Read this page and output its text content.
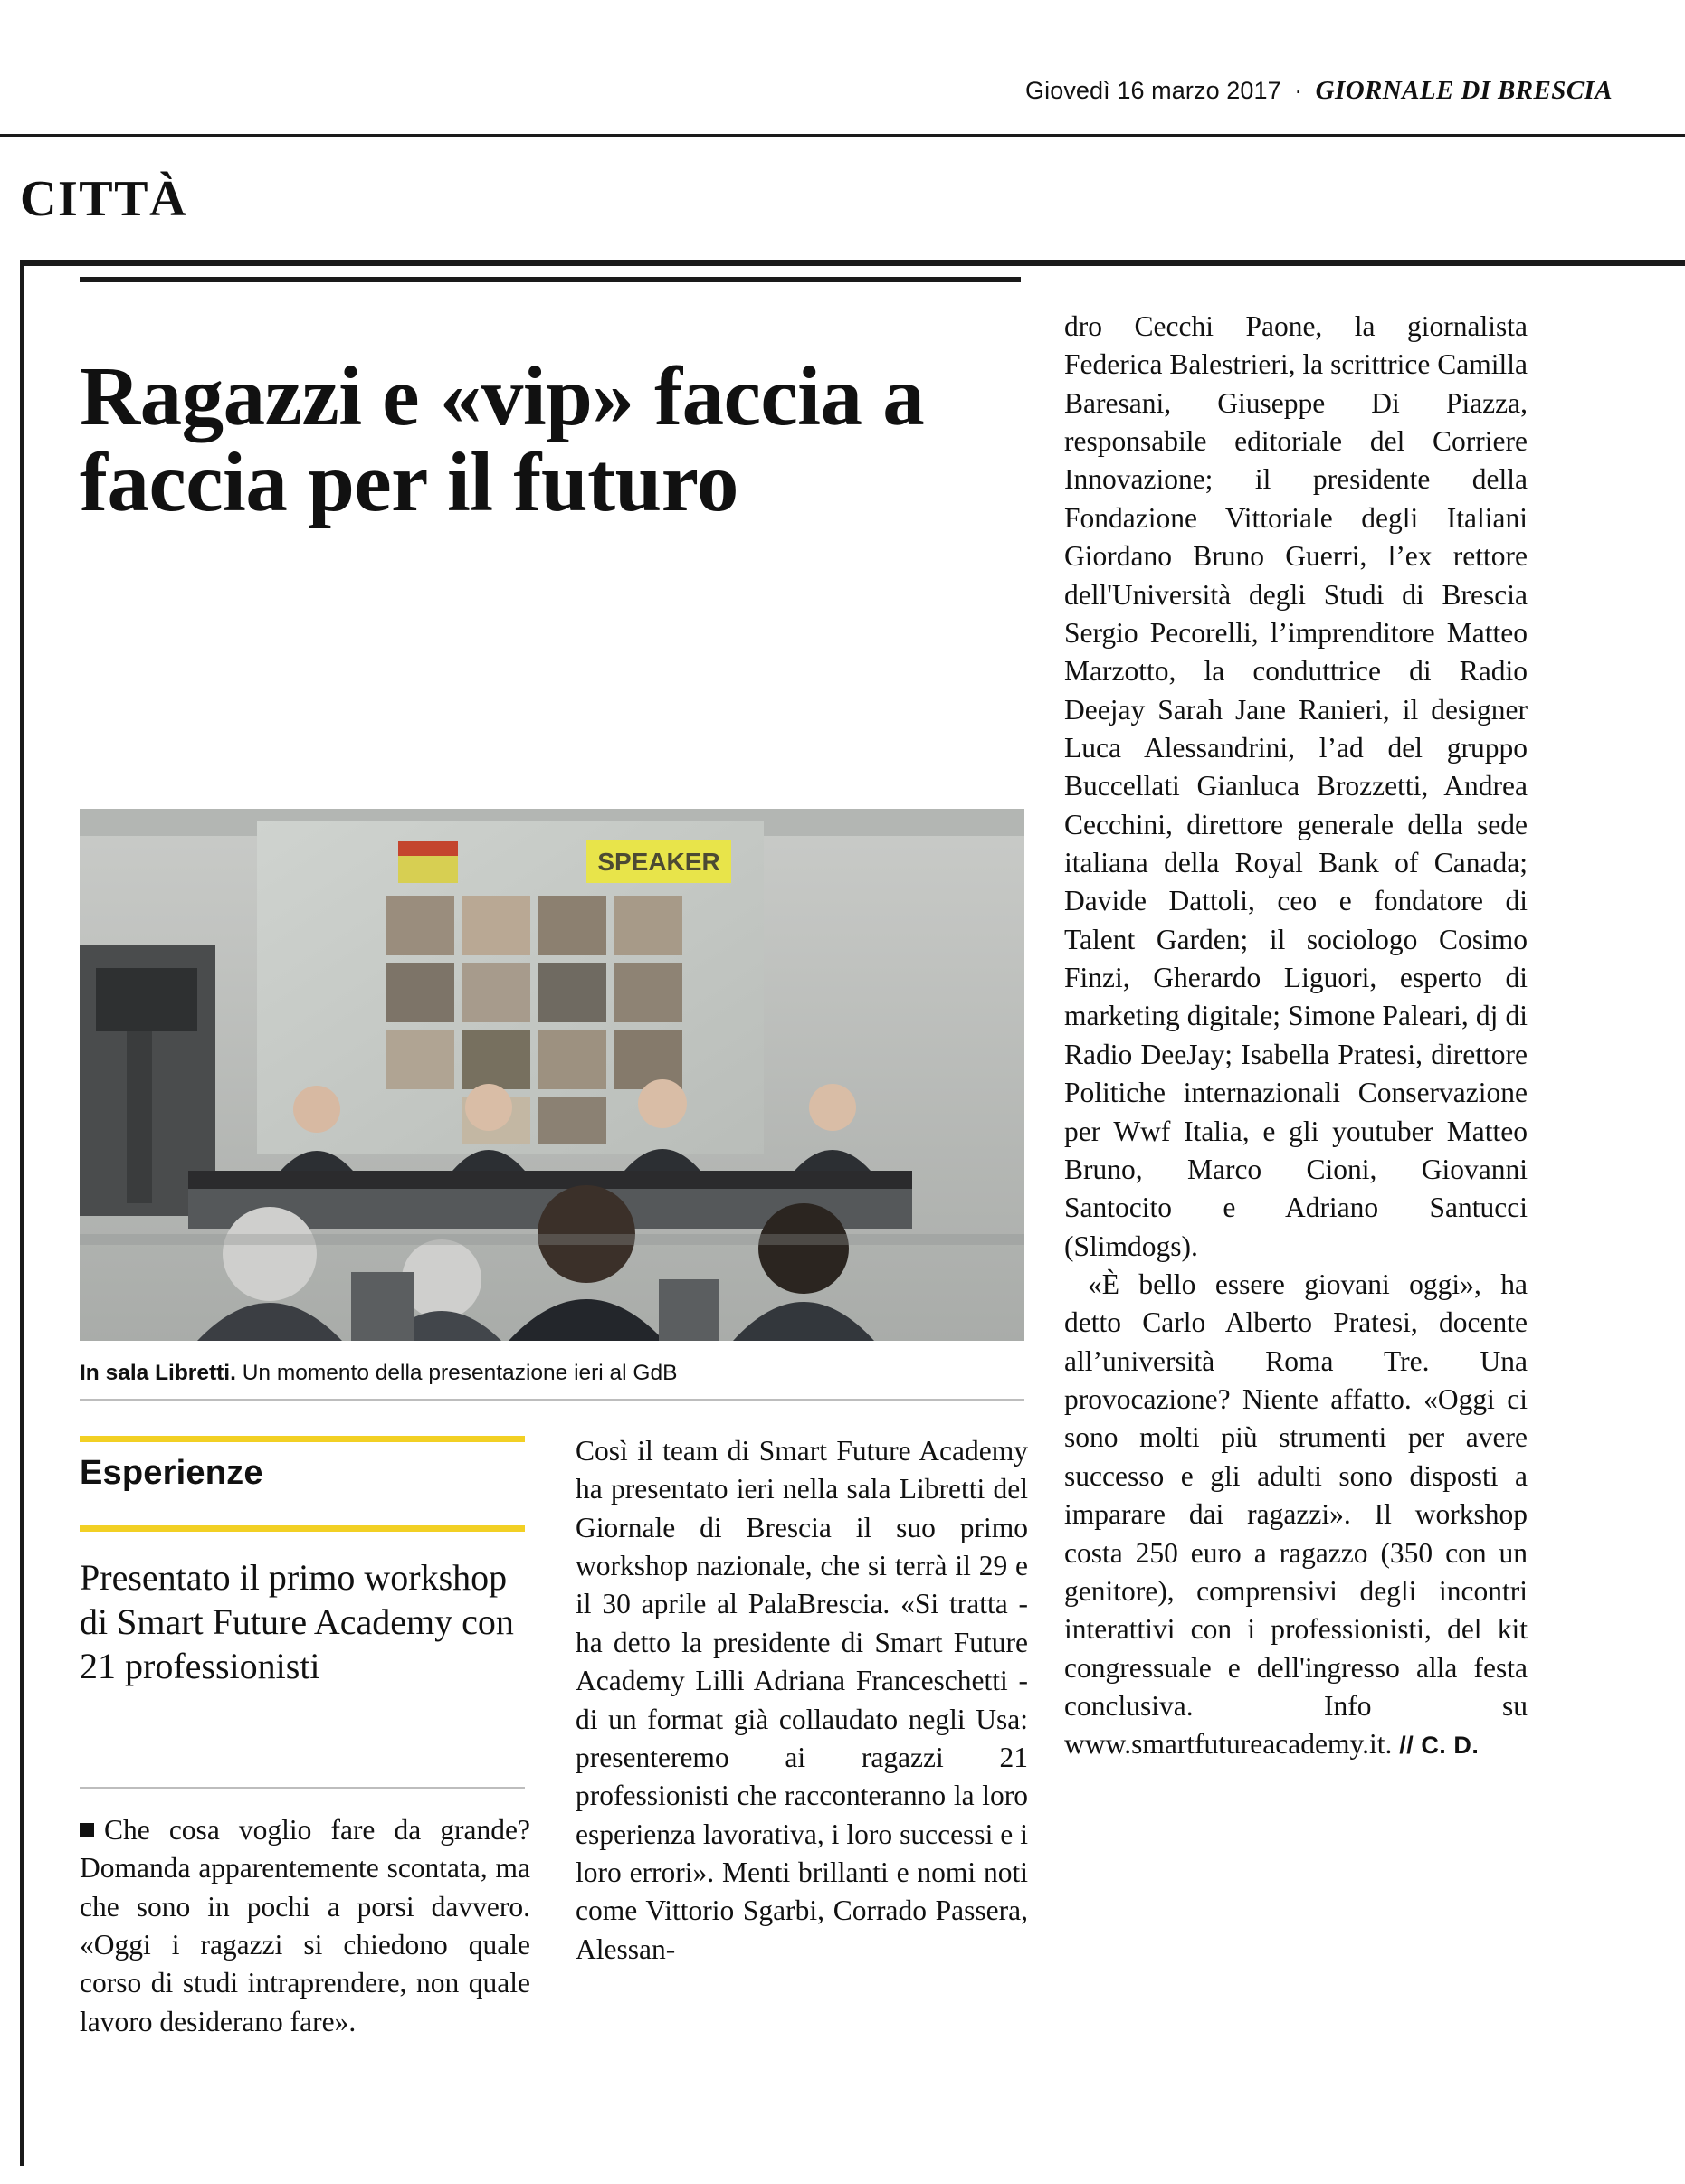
Giovedì 16 marzo 2017 · GIORNALE DI BRESCIA
CITTÀ
Ragazzi e «vip» faccia a faccia per il futuro
SPEAKER
In sala Libretti. Un momento della presentazione ieri al GdB
Esperienze
Presentato il primo workshop di Smart Future Academy con 21 professionisti
Che cosa voglio fare da grande? Domanda apparentemente scontata, ma che sono in pochi a porsi davvero. «Oggi i ragazzi si chiedono quale corso di studi intraprendere, non quale lavoro desiderano fare».

Così il team di Smart Future Academy ha presentato ieri nella sala Libretti del Giornale di Brescia il suo primo workshop nazionale, che si terrà il 29 e il 30 aprile al PalaBrescia. «Si tratta - ha detto la presidente di Smart Future Academy Lilli Adriana Franceschetti - di un format già collaudato negli Usa: presenteremo ai ragazzi 21 professionisti che racconteranno la loro esperienza lavorativa, i loro successi e i loro errori». Menti brillanti e nomi noti come Vittorio Sgarbi, Corrado Passera, Alessan-

dro Cecchi Paone, la giornalista Federica Balestrieri, la scrittrice Camilla Baresani, Giuseppe Di Piazza, responsabile editoriale del Corriere Innovazione; il presidente della Fondazione Vittoriale degli Italiani Giordano Bruno Guerri, l’ex rettore dell'Università degli Studi di Brescia Sergio Pecorelli, l’imprenditore Matteo Marzotto, la conduttrice di Radio Deejay Sarah Jane Ranieri, il designer Luca Alessandrini, l’ad del gruppo Buccellati Gianluca Brozzetti, Andrea Cecchini, direttore generale della sede italiana della Royal Bank of Canada; Davide Dattoli, ceo e fondatore di Talent Garden; il sociologo Cosimo Finzi, Gherardo Liguori, esperto di marketing digitale; Simone Paleari, dj di Radio DeeJay; Isabella Pratesi, direttore Politiche internazionali Conservazione per Wwf Italia, e gli youtuber Matteo Bruno, Marco Cioni, Giovanni Santocito e Adriano Santucci (Slimdogs).

«È bello essere giovani oggi», ha detto Carlo Alberto Pratesi, docente all’università Roma Tre. Una provocazione? Niente affatto. «Oggi ci sono molti più strumenti per avere successo e gli adulti sono disposti a imparare dai ragazzi». Il workshop costa 250 euro a ragazzo (350 con un genitore), comprensivi degli incontri interattivi con i professionisti, del kit congressuale e dell'ingresso alla festa conclusiva. Info su www.smartfutureacademy.it. // C. D.
